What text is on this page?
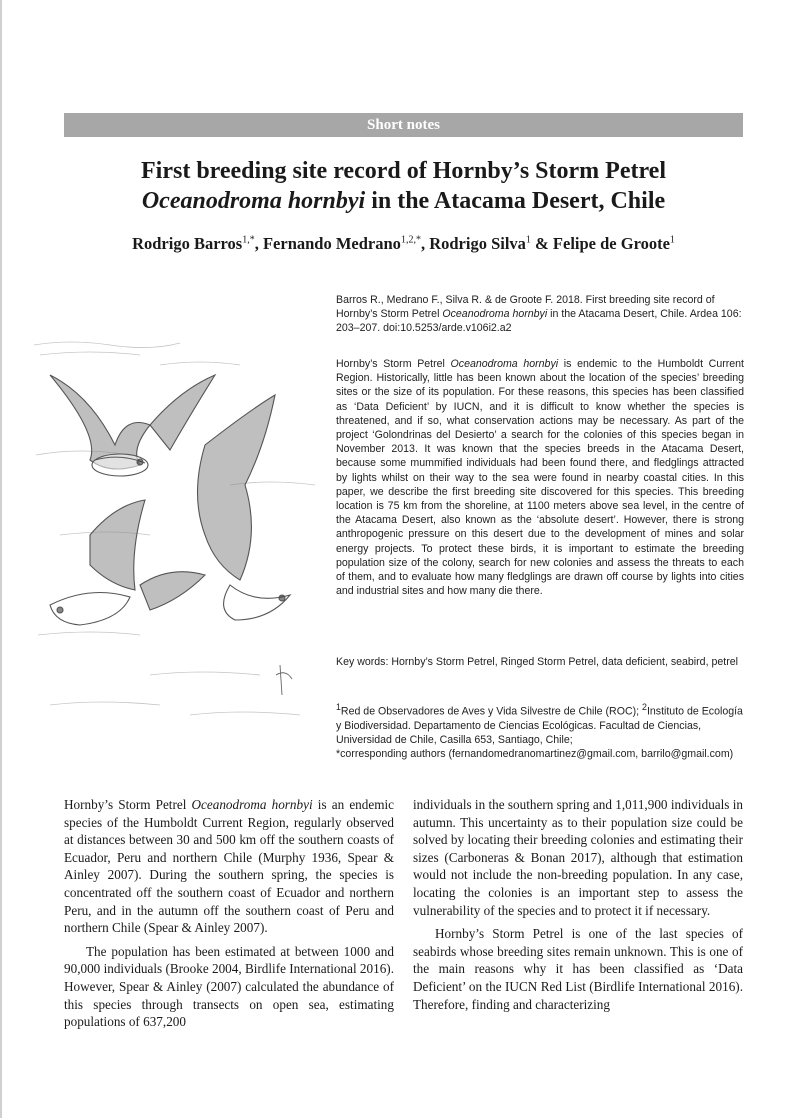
Short notes
First breeding site record of Hornby’s Storm Petrel
Oceanodroma hornbyi in the Atacama Desert, Chile
Rodrigo Barros$^{1,*}$, Fernando Medrano$^{1,2,*}$, Rodrigo Silva$^1$ & Felipe de Groote$^1$
Barros R., Medrano F., Silva R. & de Groote F. 2018. First breeding site record of Hornby’s Storm Petrel Oceanodroma hornbyi in the Atacama Desert, Chile. Ardea 106: 203–207. doi:10.5253/arde.v106i2.a2
Hornby’s Storm Petrel Oceanodroma hornbyi is endemic to the Humboldt Current Region. Historically, little has been known about the location of the species’ breeding sites or the size of its population. For these reasons, this species has been classified as ‘Data Deficient’ by IUCN, and it is difficult to know whether the species is threatened, and if so, what conservation actions may be necessary. As part of the project ‘Golondrinas del Desierto’ a search for the colonies of this species began in November 2013. It was known that the species breeds in the Atacama Desert, because some mummified individuals had been found there, and fledglings attracted by lights whilst on their way to the sea were found in nearby coastal cities. In this paper, we describe the first breeding site discovered for this species. This breeding location is 75 km from the shoreline, at 1100 meters above sea level, in the centre of the Atacama Desert, also known as the ‘absolute desert’. However, there is strong anthropogenic pressure on this desert due to the development of mines and solar energy projects. To protect these birds, it is important to estimate the breeding population size of the colony, search for new colonies and assess the threats to each of them, and to evaluate how many fledglings are drawn off course by lights into cities and industrial sites and how many die there.
Key words: Hornby’s Storm Petrel, Ringed Storm Petrel, data deficient, seabird, petrel
$^1$Red de Observadores de Aves y Vida Silvestre de Chile (ROC); $^2$Instituto de Ecología y Biodiversidad. Departamento de Ciencias Ecológicas. Facultad de Ciencias, Universidad de Chile, Casilla 653, Santiago, Chile;
*corresponding authors (fernandomedranomartinez@gmail.com, barrilo@gmail.com)

Hornby’s Storm Petrel Oceanodroma hornbyi is an endemic species of the Humboldt Current Region, regularly observed at distances between 30 and 500 km off the southern coasts of Ecuador, Peru and northern Chile (Murphy 1936, Spear & Ainley 2007). During the southern spring, the species is concentrated off the southern coast of Ecuador and northern Peru, and in the autumn off the southern coast of Peru and northern Chile (Spear & Ainley 2007).

The population has been estimated at between 1000 and 90,000 individuals (Brooke 2004, Birdlife International 2016). However, Spear & Ainley (2007) calculated the abundance of this species through transects on open sea, estimating populations of 637,200

individuals in the southern spring and 1,011,900 individuals in autumn. This uncertainty as to their population size could be solved by locating their breeding colonies and estimating their sizes (Carboneras & Bonan 2017), although that estimation would not include the non-breeding population. In any case, locating the colonies is an important step to assess the vulnerability of the species and to protect it if necessary.

Hornby’s Storm Petrel is one of the last species of seabirds whose breeding sites remain unknown. This is one of the main reasons why it has been classified as ‘Data Deficient’ on the IUCN Red List (Birdlife International 2016). Therefore, finding and characterizing
